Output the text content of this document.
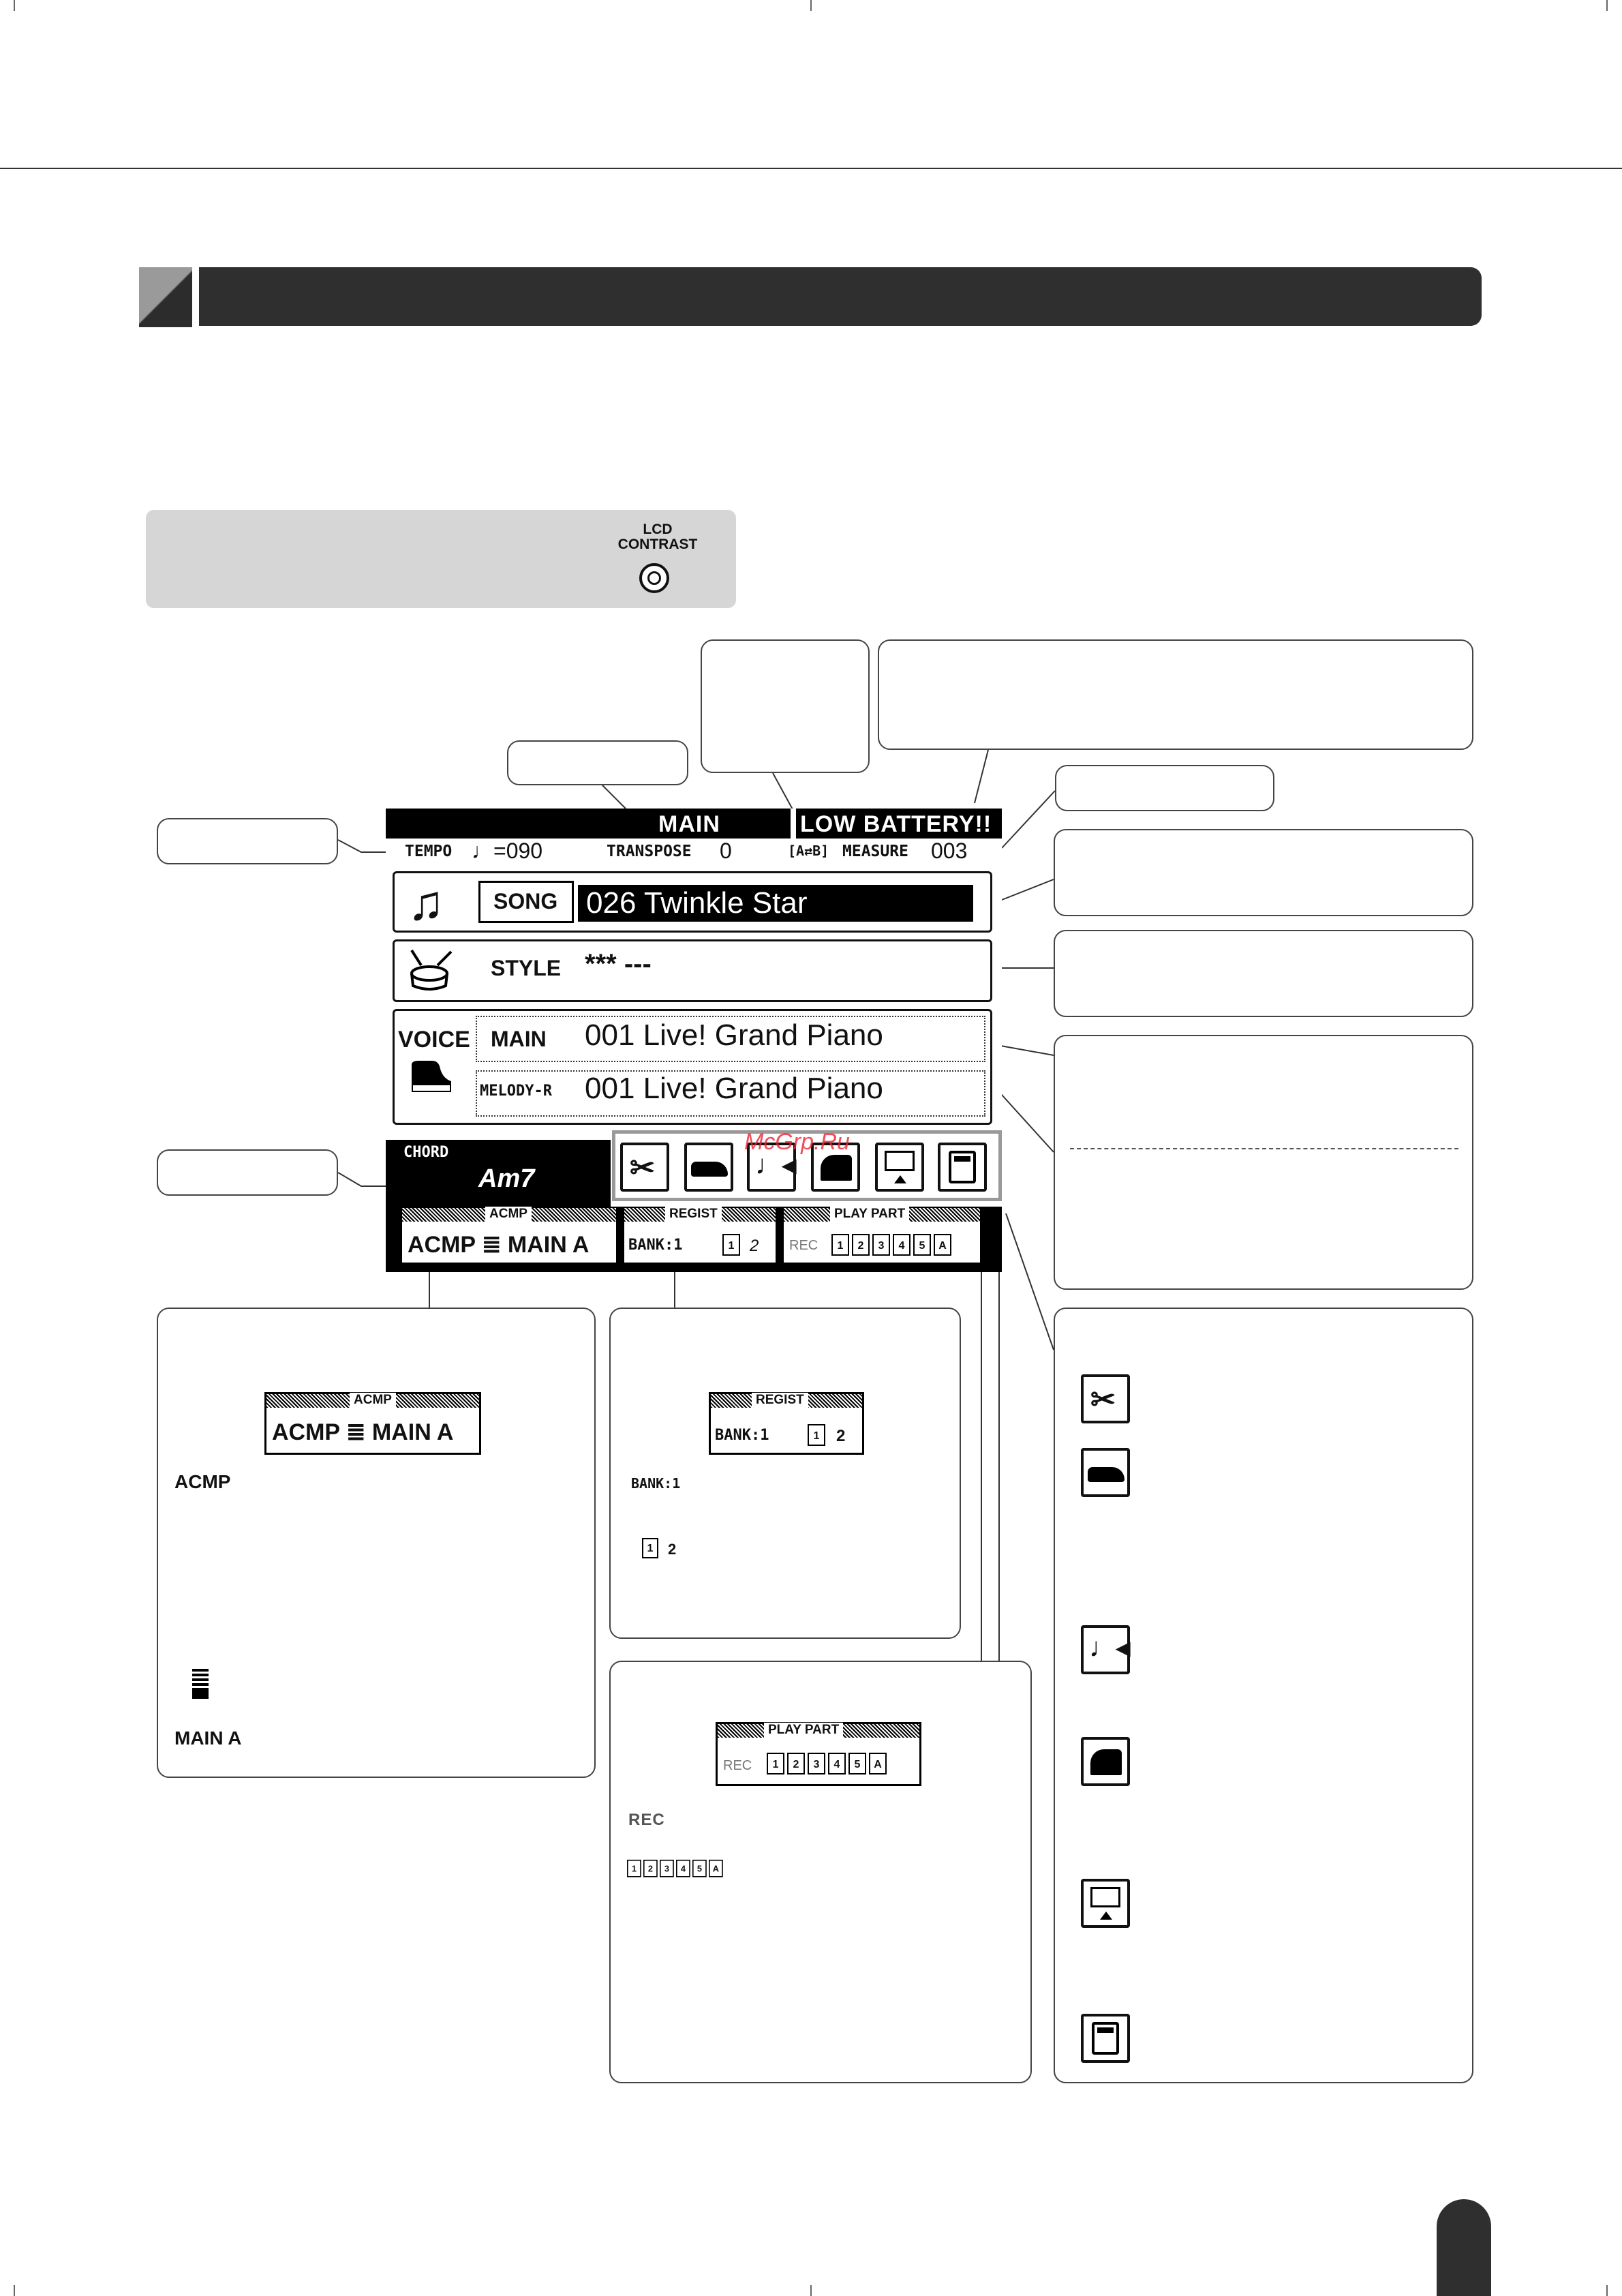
LCD
CONTRAST
MAIN	LOW BATTERY!!
TEMPO ♩=090	TRANSPOSE 0	[A⇄B] MEASURE 003
♫ SONG 026 Twinkle Star
STYLE *** ---
VOICE MAIN 001 Live! Grand Piano
MELODY-R 001 Live! Grand Piano
CHORD
Am7	✂	♩◂
McGrp.Ru
ACMP
ACMP ≣ MAIN A
REGIST
BANK:1	1 2
PLAY PART
REC	1	2	3	4	5	A
ACMP
ACMP ≣ MAIN A
ACMP
MAIN A
REGIST
BANK:1	1	2
BANK:1
1 2
PLAY PART
REC	1	2	3	4	5	A
REC
1	2	3	4	5 A
✂
♩◂
